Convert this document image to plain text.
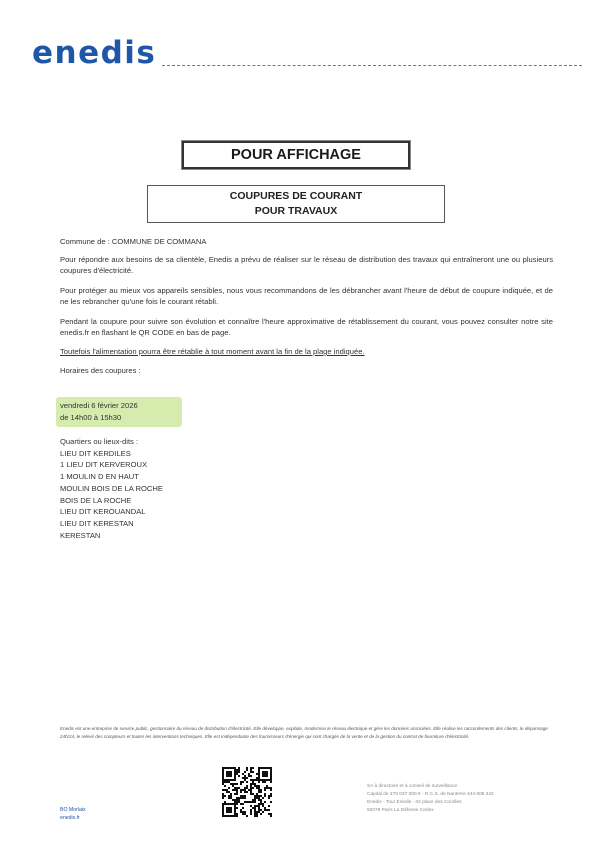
enedis
POUR AFFICHAGE
COUPURES DE COURANT
POUR TRAVAUX
Commune de : COMMUNE DE COMMANA
Pour répondre aux besoins de sa clientèle, Enedis a prévu de réaliser sur le réseau de distribution des travaux qui entraîneront une ou plusieurs coupures d'électricité.
Pour protéger au mieux vos appareils sensibles, nous vous recommandons de les débrancher avant l'heure de début de coupure indiquée, et de ne les rebrancher qu'une fois le courant rétabli.
Pendant la coupure pour suivre son évolution et connaître l'heure approximative de rétablissement du courant, vous pouvez consulter notre site enedis.fr en flashant le QR CODE en bas de page.
Toutefois l'alimentation pourra être rétablie à tout moment avant la fin de la plage indiquée.
Horaires des coupures :
vendredi 6 février 2026
de 14h00 à 15h30
Quartiers ou lieux-dits :
LIEU DIT KERDILES
1 LIEU DIT KERVEROUX
1 MOULIN D EN HAUT
MOULIN BOIS DE LA ROCHE
BOIS DE LA ROCHE
LIEU DIT KEROUANDAL
LIEU DIT KERESTAN
KERESTAN
Enedis est une entreprise de service public, gestionnaire du réseau de distribution d'électricité. Elle développe, exploite, modernise le réseau électrique et gère les données associées. Elle réalise les raccordements des clients, le dépannage 24h/24, le relevé des compteurs et toutes les interventions techniques. Elle est indépendante des fournisseurs d'énergie qui sont chargés de la vente et de la gestion du contrat de fourniture d'électricité.
SA à directoire et à conseil de surveillance
Capital de 270 037 000 € - R.C.S. de Nanterre 444 608 442
Enedis - Tour Enedis - 34 place des Corolles
92079 Paris La Défense Cedex
BO Morlaix
enedis.fr
